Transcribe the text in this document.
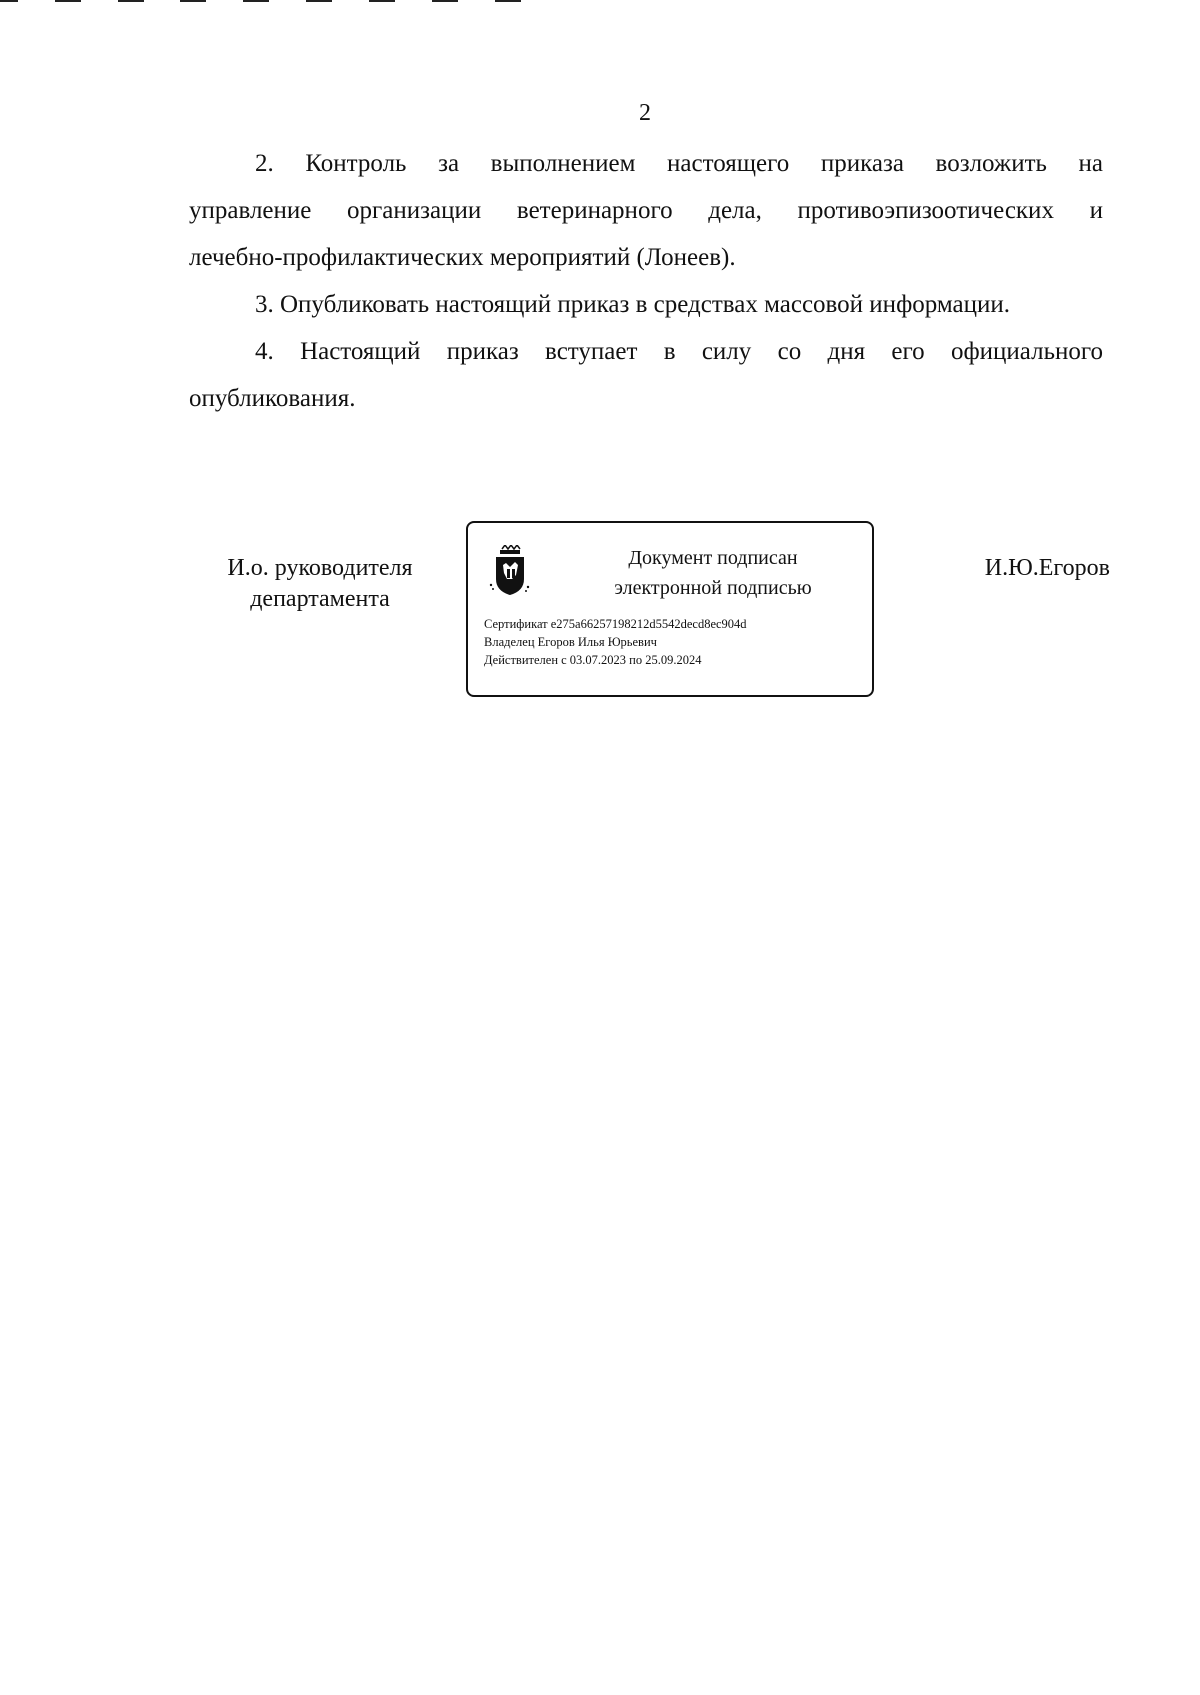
2

2. Контроль за выполнением настоящего приказа возложить на

управление организации ветеринарного дела, противоэпизоотических и
лечебно-профилактических мероприятий (Лонеев).

3. Опубликовать настоящий приказ в средствах массовой информации.

4. Настоящий приказ вступает в силу со дня его официального

опубликования.
И.о. руководителя
департамента
Документ подписан
электронной подписью
Сертификат e275a66257198212d5542decd8ec904d
Владелец Егоров Илья Юрьевич
Действителен с 03.07.2023 по 25.09.2024
И.Ю.Егоров
